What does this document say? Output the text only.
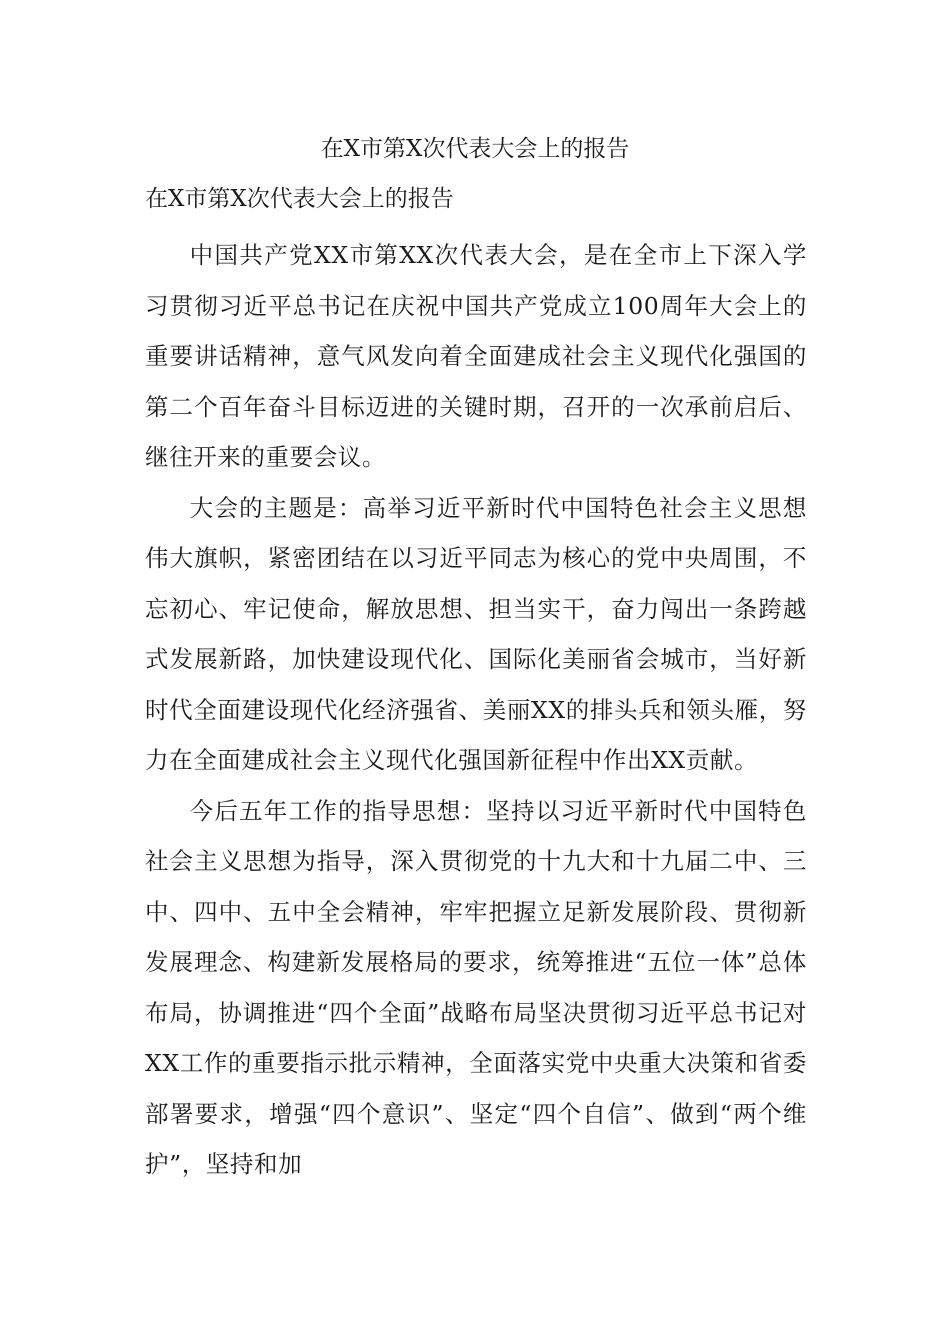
在X市第X次代表大会上的报告
在X市第X次代表大会上的报告

中国共产党XX市第XX次代表大会，是在全市上下深入学习贯彻习近平总书记在庆祝中国共产党成立100周年大会上的重要讲话精神，意气风发向着全面建成社会主义现代化强国的第二个百年奋斗目标迈进的关键时期，召开的一次承前启后、继往开来的重要会议。

大会的主题是：高举习近平新时代中国特色社会主义思想伟大旗帜，紧密团结在以习近平同志为核心的党中央周围，不忘初心、牢记使命，解放思想、担当实干，奋力闯出一条跨越式发展新路，加快建设现代化、国际化美丽省会城市，当好新时代全面建设现代化经济强省、美丽XX的排头兵和领头雁，努力在全面建成社会主义现代化强国新征程中作出XX贡献。

今后五年工作的指导思想：坚持以习近平新时代中国特色社会主义思想为指导，深入贯彻党的十九大和十九届二中、三中、四中、五中全会精神，牢牢把握立足新发展阶段、贯彻新发展理念、构建新发展格局的要求，统筹推进“五位一体”总体布局，协调推进“四个全面”战略布局坚决贯彻习近平总书记对XX工作的重要指示批示精神，全面落实党中央重大决策和省委部署要求，增强“四个意识”、坚定“四个自信”、做到“两个维护”，坚持和加
